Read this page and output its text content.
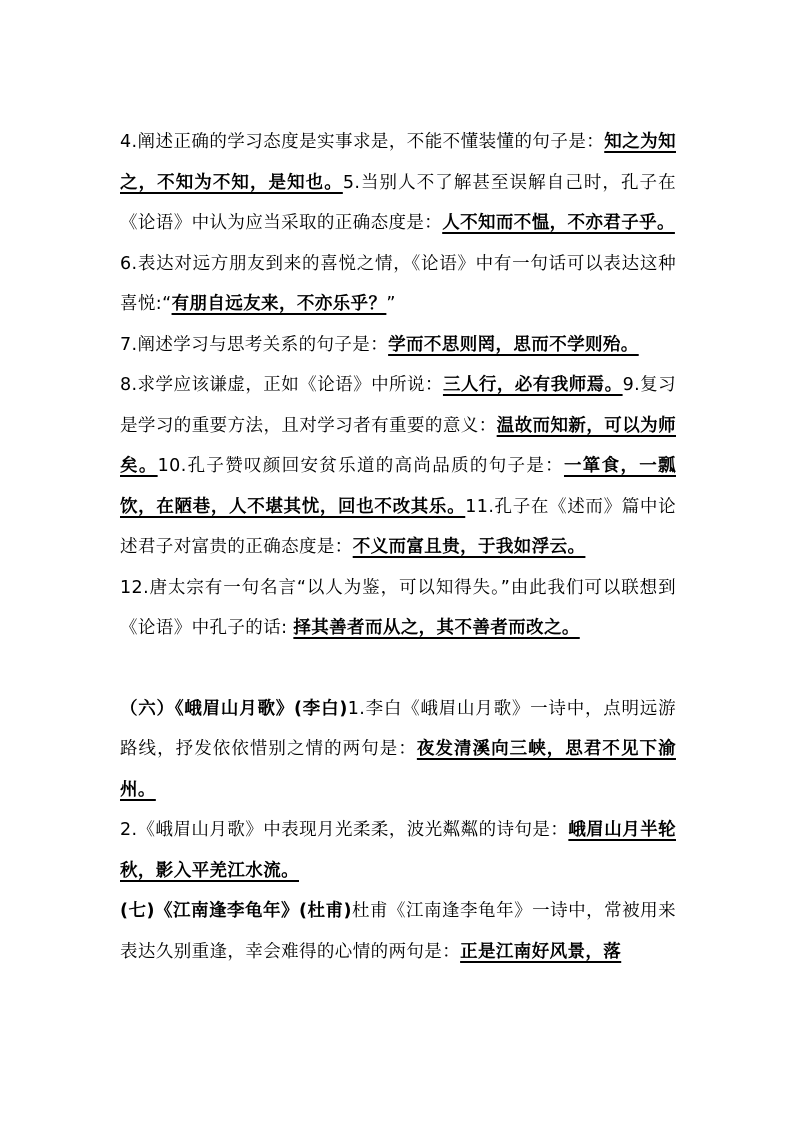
4.阐述正确的学习态度是实事求是，不能不懂装懂的句子是：知之为知之，不知为不知，是知也。5.当别人不了解甚至误解自己时，孔子在《论语》中认为应当采取的正确态度是：人不知而不愠，不亦君子乎。

6.表达对远方朋友到来的喜悦之情，《论语》中有一句话可以表达这种喜悦:“有朋自远友来，不亦乐乎？”

7.阐述学习与思考关系的句子是：学而不思则罔，思而不学则殆。

8.求学应该谦虚，正如《论语》中所说：三人行，必有我师焉。9.复习是学习的重要方法，且对学习者有重要的意义：温故而知新，可以为师矣。10.孔子赞叹颜回安贫乐道的高尚品质的句子是：一箪食，一瓢饮，在陋巷，人不堪其忧，回也不改其乐。11.孔子在《述而》篇中论述君子对富贵的正确态度是：不义而富且贵，于我如浮云。

12.唐太宗有一句名言“以人为鉴，可以知得失。”由此我们可以联想到《论语》中孔子的话: 择其善者而从之，其不善者而改之。

（六）《峨眉山月歌》(李白)1.李白《峨眉山月歌》一诗中，点明远游路线，抒发依依惜别之情的两句是：夜发清溪向三峡，思君不见下渝州。

2.《峨眉山月歌》中表现月光柔柔，波光粼粼的诗句是：峨眉山月半轮秋，影入平羌江水流。

(七)《江南逢李龟年》(杜甫)杜甫《江南逢李龟年》一诗中，常被用来表达久别重逢，幸会难得的心情的两句是：正是江南好风景，落
